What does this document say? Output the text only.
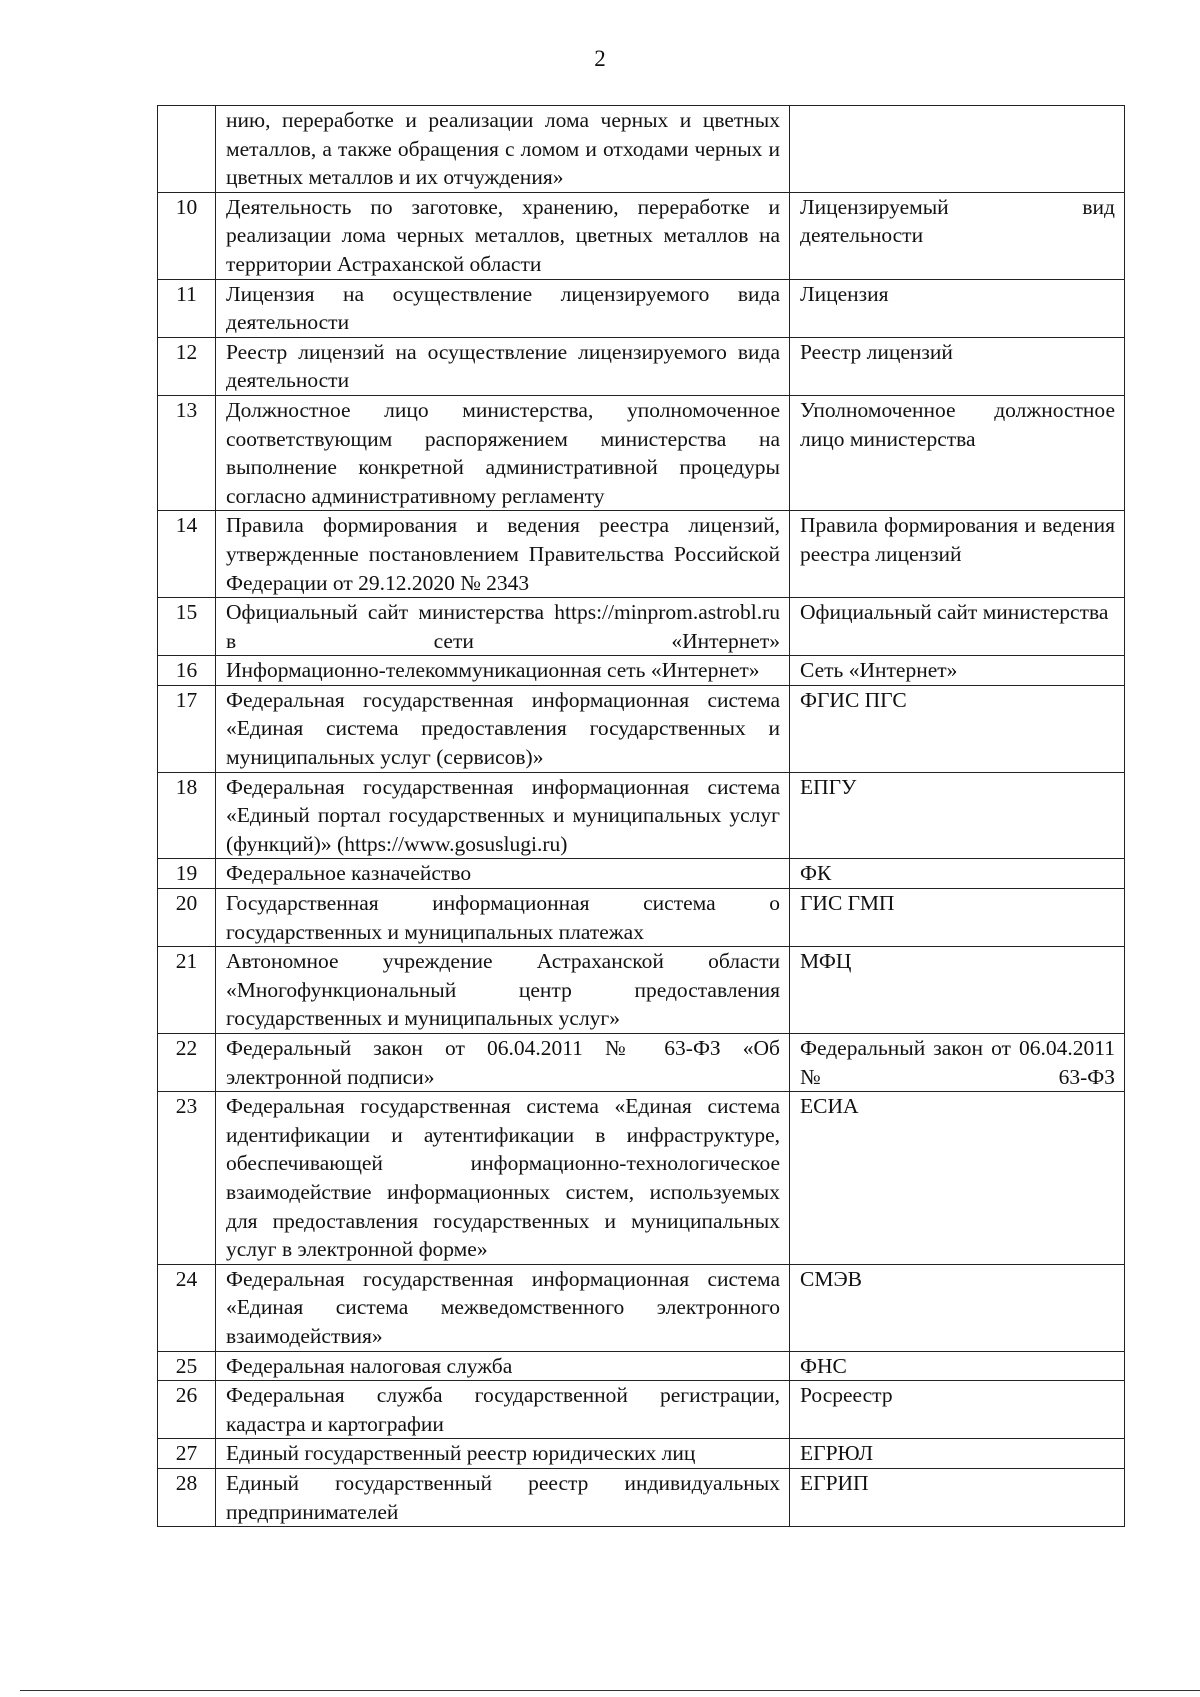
2
	нию, переработке и реализации лома черных и цветных металлов, а также обращения с ломом и отходами черных и цветных металлов и их отчуждения»	
10	Деятельность по заготовке, хранению, переработке и реализации лома черных металлов, цветных металлов на территории Астраханской области	Лицензируемый вид деятельности
11	Лицензия на осуществление лицензируемого вида деятельности	Лицензия
12	Реестр лицензий на осуществление лицензируемого вида деятельности	Реестр лицензий
13	Должностное лицо министерства, уполномоченное соответствующим распоряжением министерства на выполнение конкретной административной процедуры согласно административному регламенту	Уполномоченное должностное лицо министерства
14	Правила формирования и ведения реестра лицензий, утвержденные постановлением Правительства Российской Федерации от 29.12.2020 № 2343	Правила формирования и ведения реестра лицензий
15	Официальный сайт министерства https://minprom.astrobl.ru в сети «Интернет»	Официальный сайт министерства
16	Информационно-телекоммуникационная сеть «Интернет»	Сеть «Интернет»
17	Федеральная государственная информационная система «Единая система предоставления государственных и муниципальных услуг (сервисов)»	ФГИС ПГС
18	Федеральная государственная информационная система «Единый портал государственных и муниципальных услуг (функций)» (https://www.gosuslugi.ru)	ЕПГУ
19	Федеральное казначейство	ФК
20	Государственная информационная система о государственных и муниципальных платежах	ГИС ГМП
21	Автономное учреждение Астраханской области «Многофункциональный центр предоставления государственных и муниципальных услуг»	МФЦ
22	Федеральный закон от 06.04.2011 № 63-ФЗ «Об электронной подписи»	Федеральный закон от 06.04.2011 № 63-ФЗ
23	Федеральная государственная система «Единая система идентификации и аутентификации в инфраструктуре, обеспечивающей информационно-технологическое взаимодействие информационных систем, используемых для предоставления государственных и муниципальных услуг в электронной форме»	ЕСИА
24	Федеральная государственная информационная система «Единая система межведомственного электронного взаимодействия»	СМЭВ
25	Федеральная налоговая служба	ФНС
26	Федеральная служба государственной регистрации, кадастра и картографии	Росреестр
27	Единый государственный реестр юридических лиц	ЕГРЮЛ
28	Единый государственный реестр индивидуальных предпринимателей	ЕГРИП
